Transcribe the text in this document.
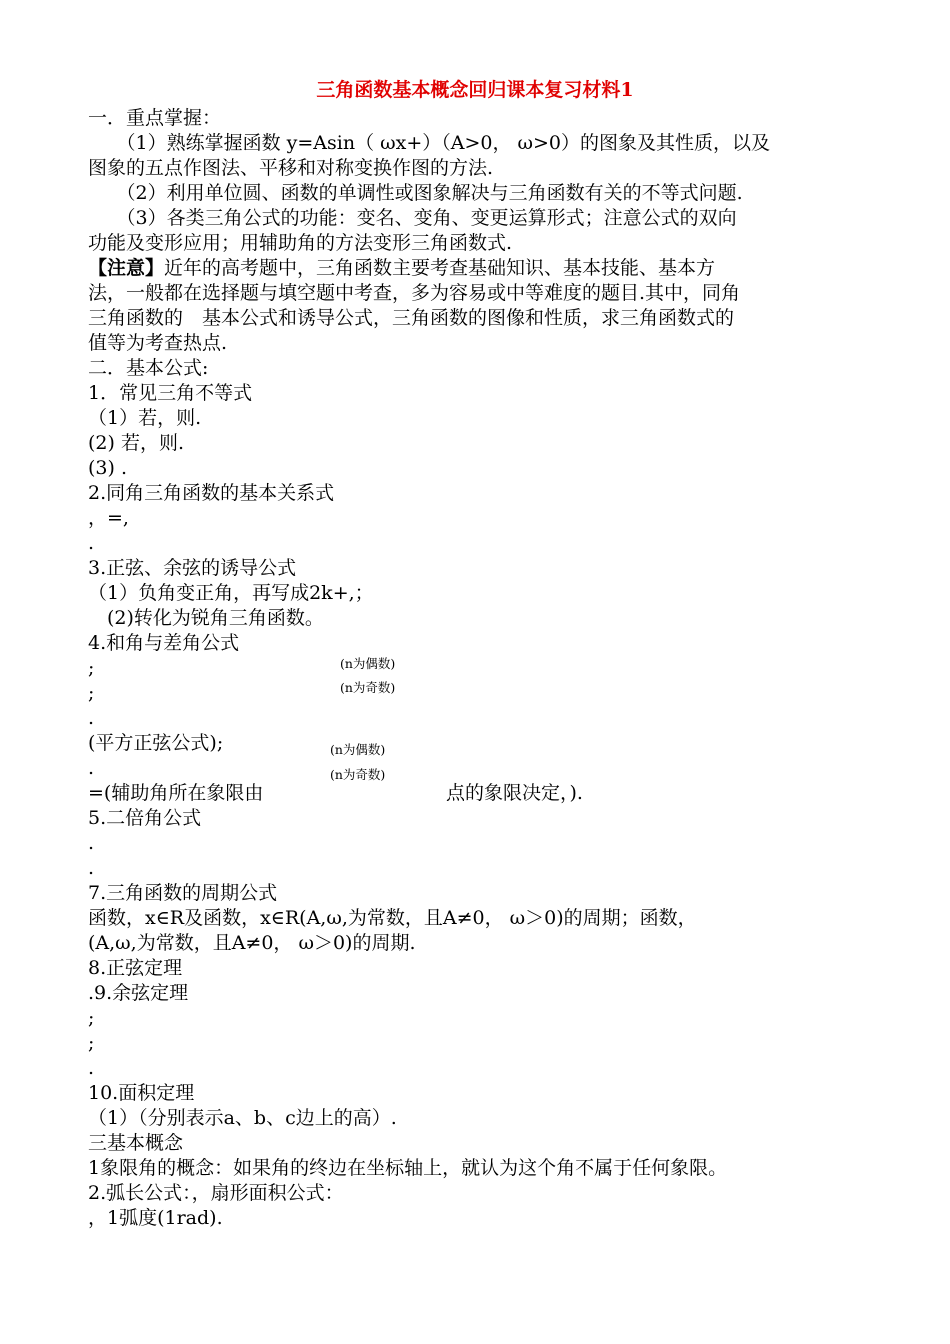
三角函数基本概念回归课本复习材料1
一．重点掌握：
　　（1）熟练掌握函数 y=Asin（ ωx+）（A>0， ω>0）的图象及其性质，以及
图象的五点作图法、平移和对称变换作图的方法.
　　（2）利用单位圆、函数的单调性或图象解决与三角函数有关的不等式问题.
　　（3）各类三角公式的功能：变名、变角、变更运算形式；注意公式的双向
功能及变形应用；用辅助角的方法变形三角函数式.
【注意】近年的高考题中，三角函数主要考查基础知识、基本技能、基本方
法，一般都在选择题与填空题中考查，多为容易或中等难度的题目.其中，同角
三角函数的　基本公式和诱导公式，三角函数的图像和性质，求三角函数式的
值等为考查热点.
二．基本公式:
1．常见三角不等式
（1）若，则.
(2) 若，则.
(3) .
2.同角三角函数的基本关系式
，=,
.
3.正弦、余弦的诱导公式
（1）负角变正角，再写成2k+,；
　(2)转化为锐角三角函数。
4.和角与差角公式
;
;
.
(平方正弦公式);
.
=(辅助角所在象限由	点的象限决定，).
5.二倍角公式
.
.
7.三角函数的周期公式
函数，x∈R及函数，x∈R(A,ω,为常数，且A≠0， ω＞0)的周期；函数，
(A,ω,为常数，且A≠0， ω＞0)的周期.
8.正弦定理
.9.余弦定理
;
;
.
10.面积定理
（1）（分别表示a、b、c边上的高）.
三基本概念
1象限角的概念：如果角的终边在坐标轴上，就认为这个角不属于任何象限。
2.弧长公式：，扇形面积公式：
，1弧度(1rad).
(n为偶数)
(n为奇数)
(n为偶数)
(n为奇数)
